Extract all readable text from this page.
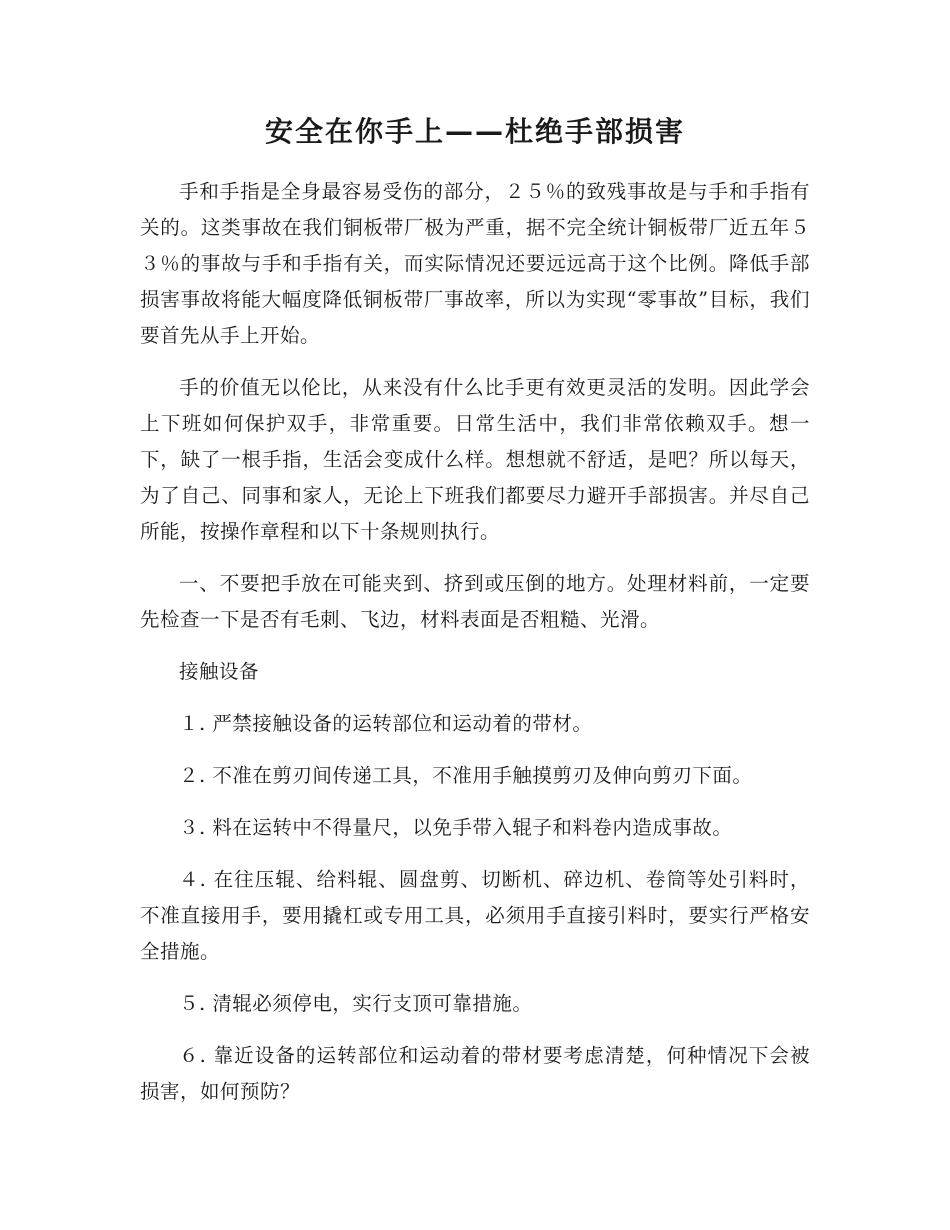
安全在你手上——杜绝手部损害

手和手指是全身最容易受伤的部分，２５％的致残事故是与手和手指有关的。这类事故在我们铜板带厂极为严重，据不完全统计铜板带厂近五年５３％的事故与手和手指有关，而实际情况还要远远高于这个比例。降低手部损害事故将能大幅度降低铜板带厂事故率，所以为实现“零事故”目标，我们要首先从手上开始。

手的价值无以伦比，从来没有什么比手更有效更灵活的发明。因此学会上下班如何保护双手，非常重要。日常生活中，我们非常依赖双手。想一下，缺了一根手指，生活会变成什么样。想想就不舒适，是吧？所以每天，为了自己、同事和家人，无论上下班我们都要尽力避开手部损害。并尽自己所能，按操作章程和以下十条规则执行。

一、不要把手放在可能夹到、挤到或压倒的地方。处理材料前，一定要先检查一下是否有毛刺、飞边，材料表面是否粗糙、光滑。

接触设备

１. 严禁接触设备的运转部位和运动着的带材。

２. 不准在剪刃间传递工具，不准用手触摸剪刃及伸向剪刃下面。

３. 料在运转中不得量尺，以免手带入辊子和料卷内造成事故。

４. 在往压辊、给料辊、圆盘剪、切断机、碎边机、卷筒等处引料时，不准直接用手，要用撬杠或专用工具，必须用手直接引料时，要实行严格安全措施。

５. 清辊必须停电，实行支顶可靠措施。

６. 靠近设备的运转部位和运动着的带材要考虑清楚，何种情况下会被损害，如何预防？
